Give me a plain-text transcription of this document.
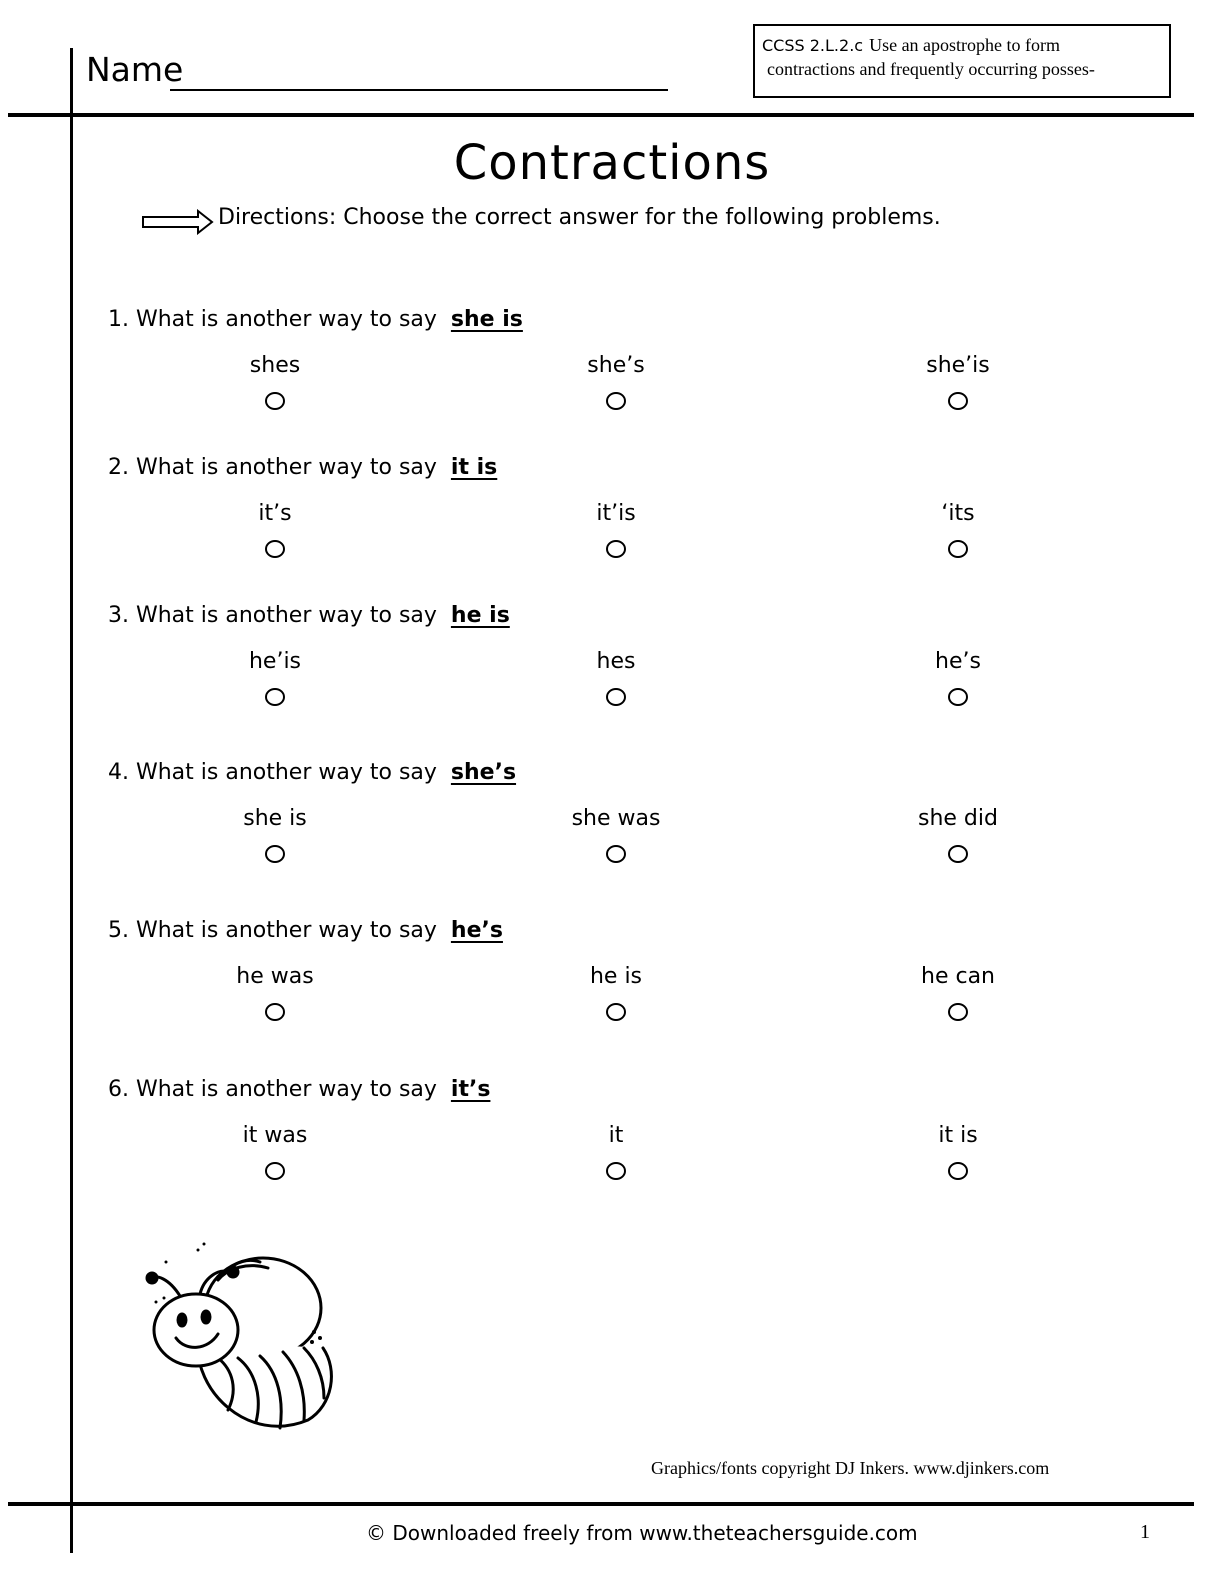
Name
CCSS 2.L.2.c Use an apostrophe to form
contractions and frequently occurring posses-
Contractions
Directions: Choose the correct answer for the following problems.
1. What is another way to say she is
shes	she’s	she’is
2. What is another way to say it is
it’s	it’is	‘its
3. What is another way to say he is
he’is	hes	he’s
4. What is another way to say she’s
she is	she was	she did
5. What is another way to say he’s
he was	he is	he can
6. What is another way to say it’s
it was	it	it is
Graphics/fonts copyright DJ Inkers. www.djinkers.com
© Downloaded freely from www.theteachersguide.com	1
